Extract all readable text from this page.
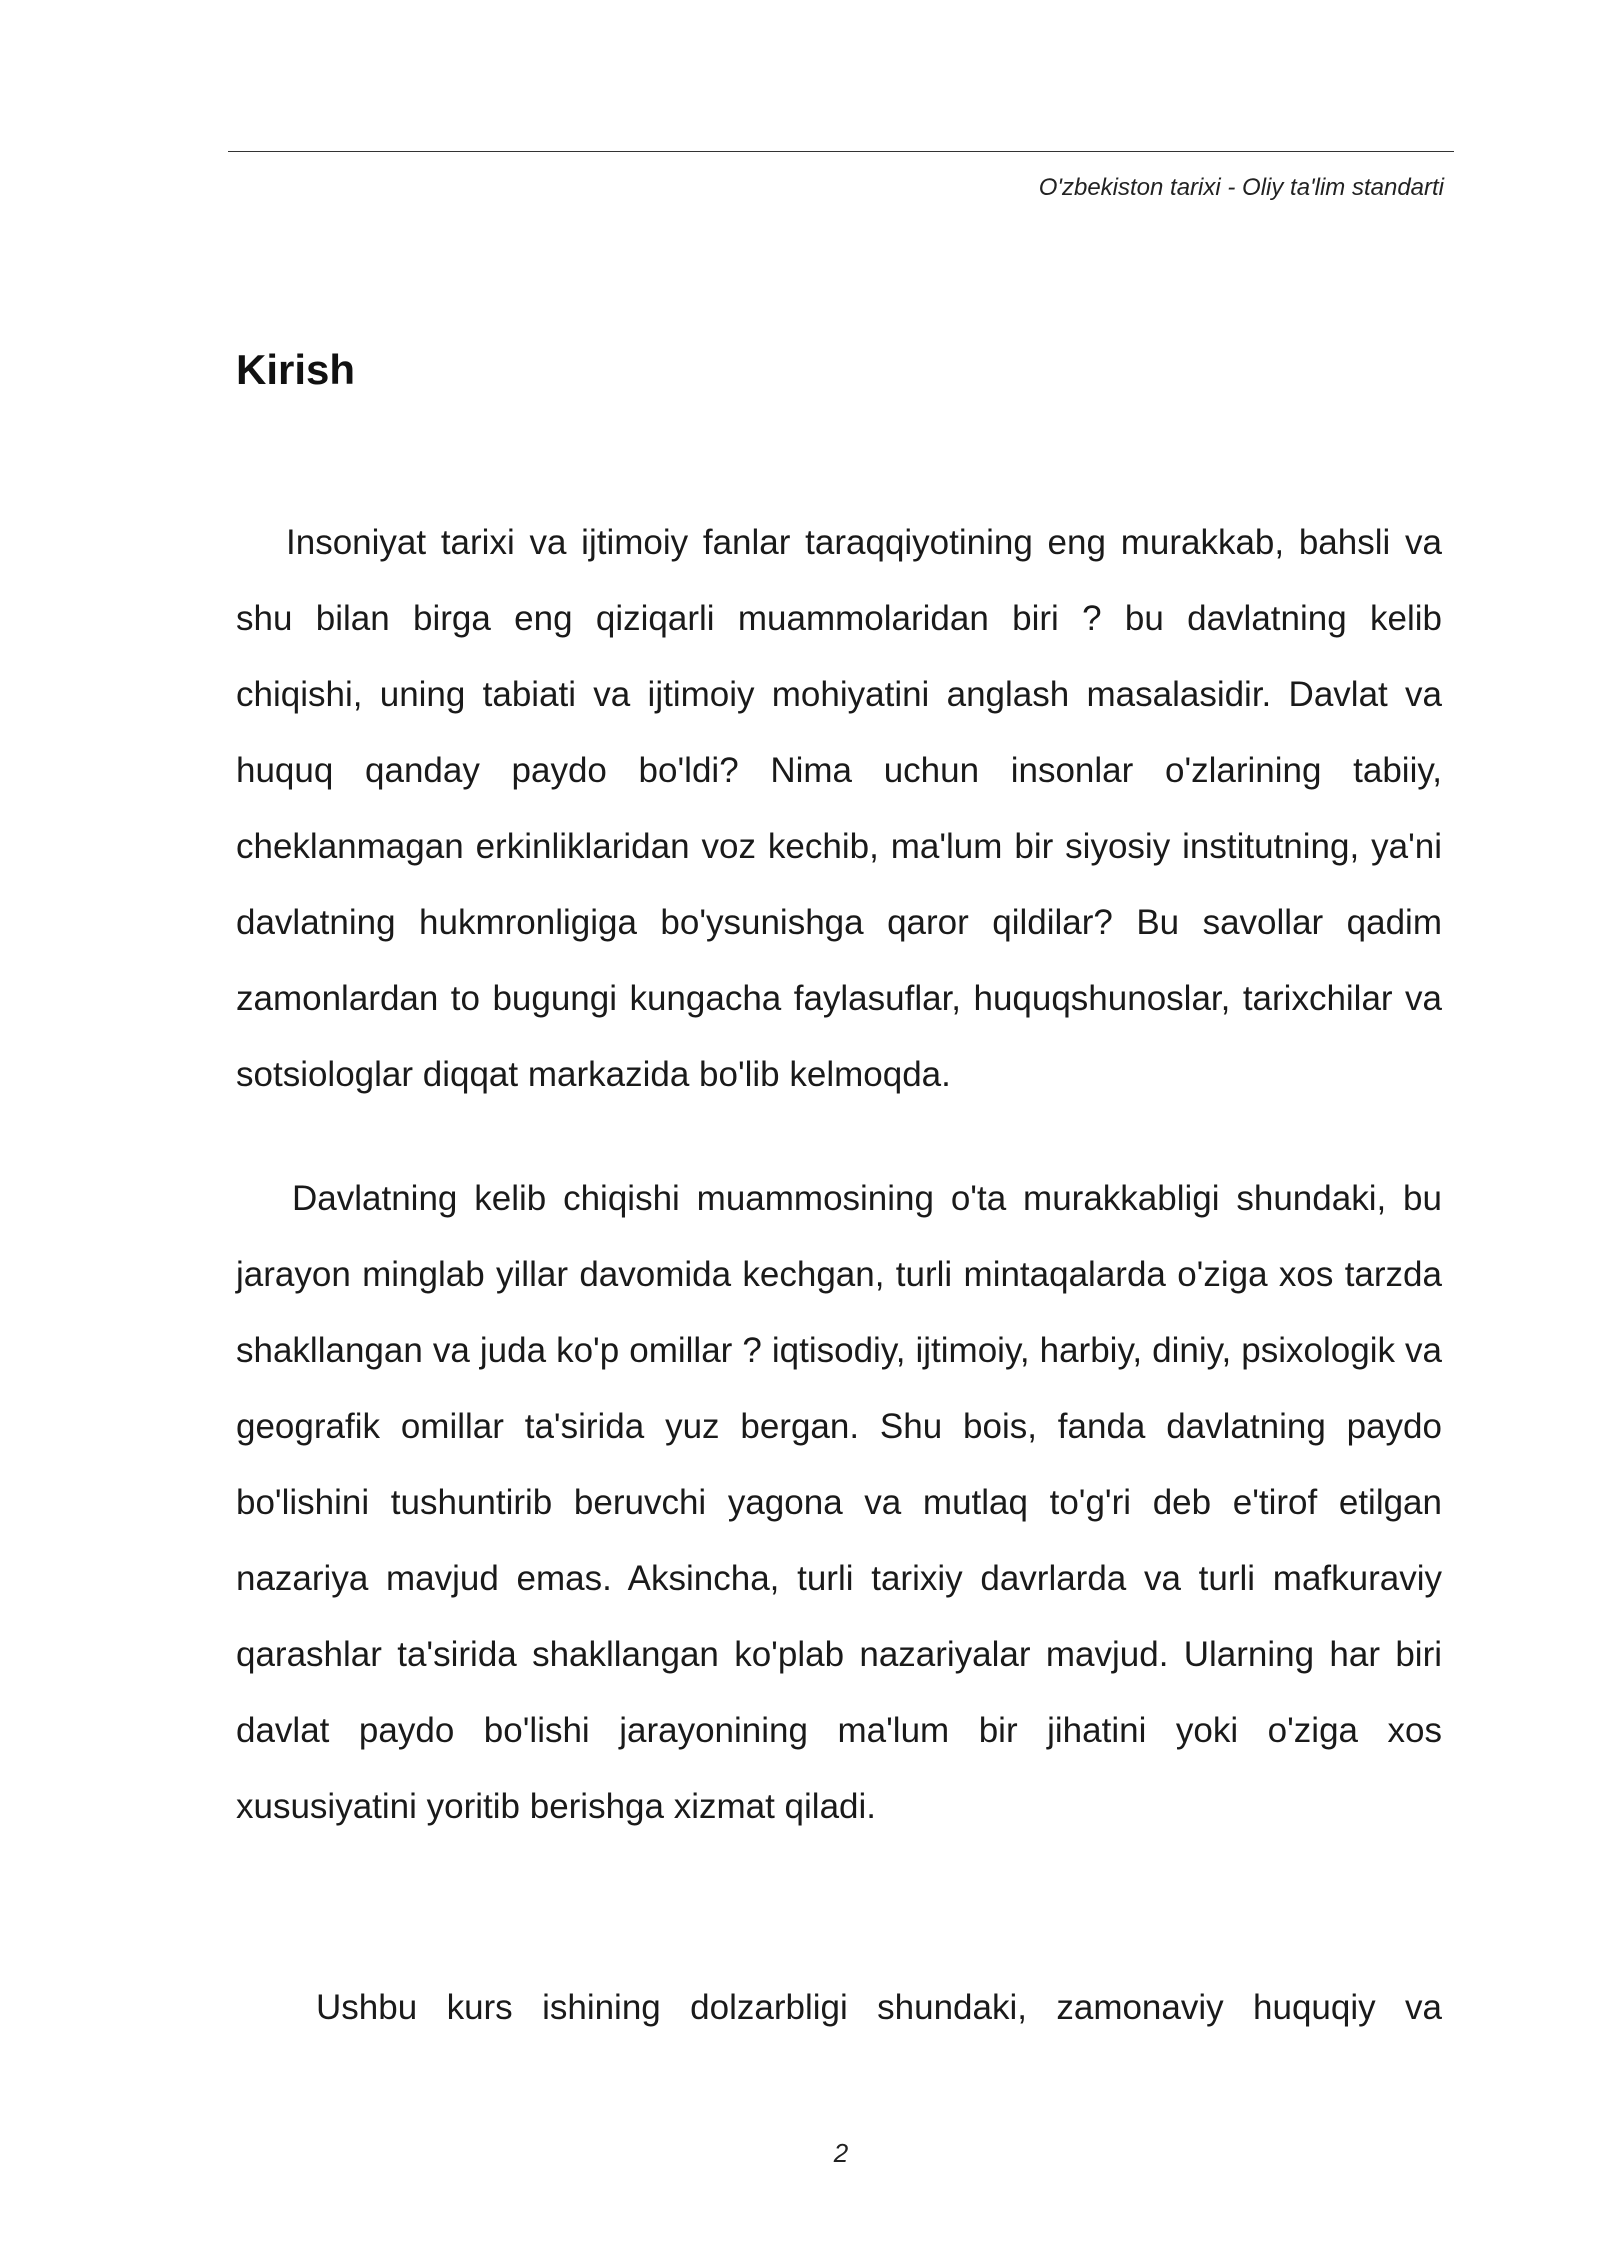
O'zbekiston tarixi - Oliy ta'lim standarti
Kirish

Insoniyat tarixi va ijtimoiy fanlar taraqqiyotining eng murakkab, bahsli va shu bilan birga eng qiziqarli muammolaridan biri ? bu davlatning kelib chiqishi, uning tabiati va ijtimoiy mohiyatini anglash masalasidir. Davlat va huquq qanday paydo bo'ldi? Nima uchun insonlar o'zlarining tabiiy, cheklanmagan erkinliklaridan voz kechib, ma'lum bir siyosiy institutning, ya'ni davlatning hukmronligiga bo'ysunishga qaror qildilar? Bu savollar qadim zamonlardan to bugungi kungacha faylasuflar, huquqshunoslar, tarixchilar va sotsiologlar diqqat markazida bo'lib kelmoqda.

Davlatning kelib chiqishi muammosining o'ta murakkabligi shundaki, bu jarayon minglab yillar davomida kechgan, turli mintaqalarda o'ziga xos tarzda shakllangan va juda ko'p omillar ? iqtisodiy, ijtimoiy, harbiy, diniy, psixologik va geografik omillar ta'sirida yuz bergan. Shu bois, fanda davlatning paydo bo'lishini tushuntirib beruvchi yagona va mutlaq to'g'ri deb e'tirof etilgan nazariya mavjud emas. Aksincha, turli tarixiy davrlarda va turli mafkuraviy qarashlar ta'sirida shakllangan ko'plab nazariyalar mavjud. Ularning har biri davlat paydo bo'lishi jarayonining ma'lum bir jihatini yoki o'ziga xos xususiyatini yoritib berishga xizmat qiladi.

Ushbu kurs ishining dolzarbligi shundaki, zamonaviy huquqiy va

2
